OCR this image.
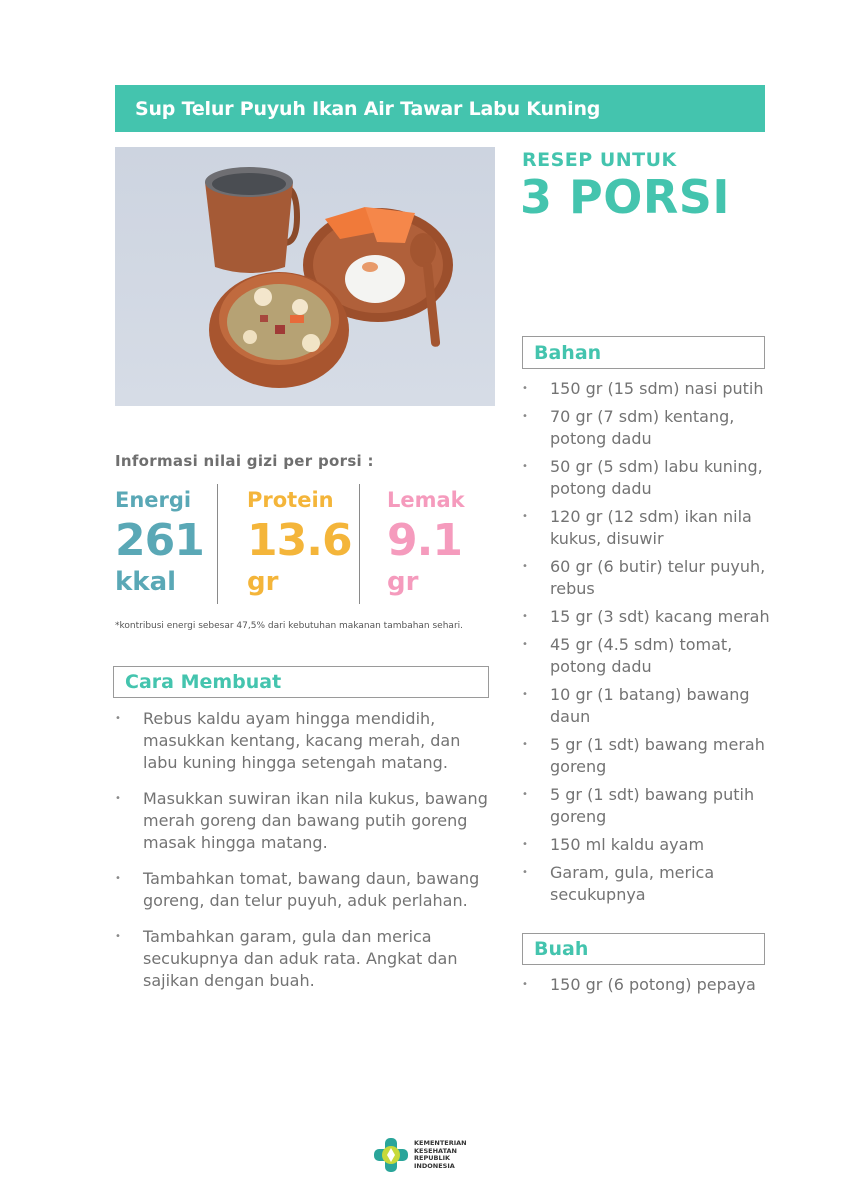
Sup Telur Puyuh Ikan Air Tawar Labu Kuning
RESEP UNTUK
3 PORSI
Informasi nilai gizi per porsi :
Energi
261
kkal
Protein
13.6
gr
Lemak
9.1
gr
*kontribusi energi sebesar 47,5% dari kebutuhan makanan tambahan sehari.
Cara Membuat
• Rebus kaldu ayam hingga mendidih, masukkan kentang, kacang merah, dan labu kuning hingga setengah matang.
• Masukkan suwiran ikan nila kukus, bawang merah goreng dan bawang putih goreng masak hingga matang.
• Tambahkan tomat, bawang daun, bawang goreng, dan telur puyuh, aduk perlahan.
• Tambahkan garam, gula dan merica secukupnya dan aduk rata. Angkat dan sajikan dengan buah.
Bahan
• 150 gr (15 sdm) nasi putih
• 70 gr (7 sdm) kentang, potong dadu
• 50 gr (5 sdm) labu kuning, potong dadu
• 120 gr (12 sdm) ikan nila kukus, disuwir
• 60 gr (6 butir) telur puyuh, rebus
• 15 gr (3 sdt) kacang merah
• 45 gr (4.5 sdm) tomat, potong dadu
• 10 gr (1 batang) bawang daun
• 5 gr (1 sdt) bawang merah goreng
• 5 gr (1 sdt) bawang putih goreng
• 150 ml kaldu ayam
• Garam, gula, merica secukupnya
Buah
• 150 gr (6 potong) pepaya
KEMENTERIAN
KESEHATAN
REPUBLIK
INDONESIA
